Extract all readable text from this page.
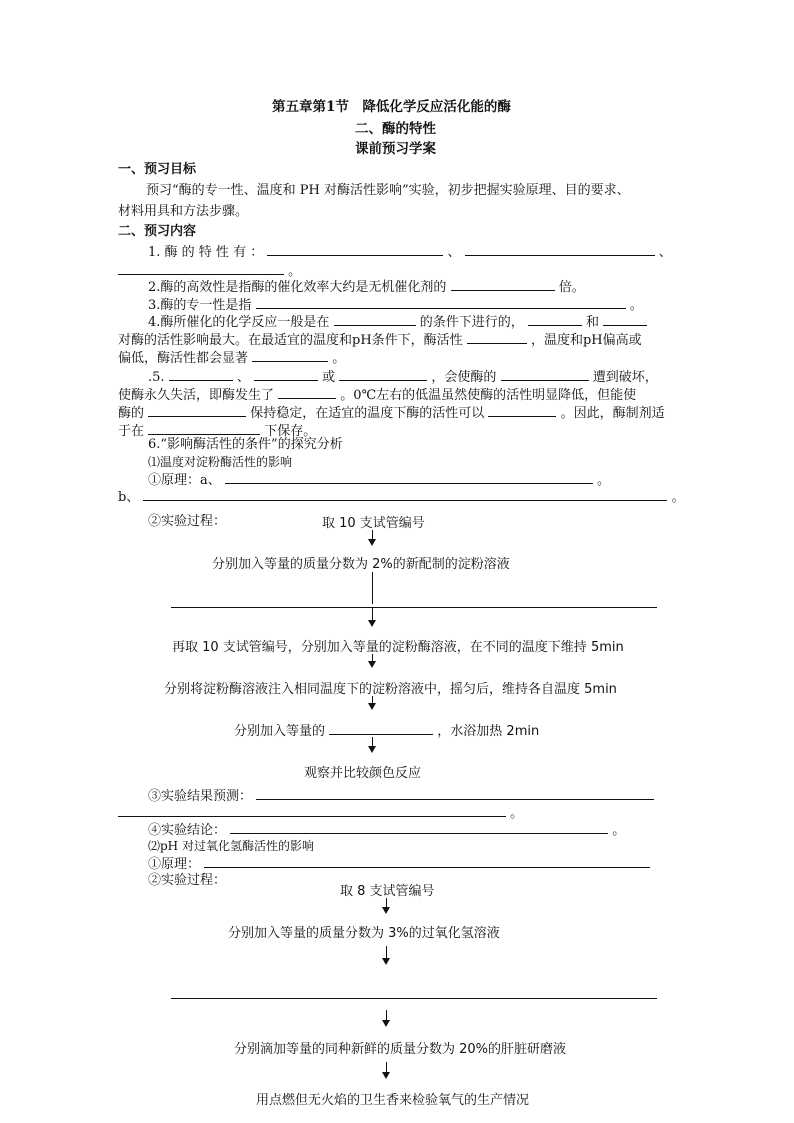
第五章第1节　降低化学反应活化能的酶
二、酶的特性
课前预习学案
一、预习目标
预习“酶的专一性、温度和 PH 对酶活性影响”实验，初步把握实验原理、目的要求、
材料用具和方法步骤。
二、预习内容
1. 酶 的 特 性 有 ：	、	、
。
2.酶的高效性是指酶的催化效率大约是无机催化剂的	倍。
3.酶的专一性是指	。
4.酶所催化的化学反应一般是在	的条件下进行的，	和
对酶的活性影响最大。在最适宜的温度和pH条件下，酶活性	，温度和pH偏高或
偏低，酶活性都会显著	。
.5.	、	或	，会使酶的	遭到破坏，
使酶永久失活，即酶发生了	。0℃左右的低温虽然使酶的活性明显降低，但能使
酶的	保持稳定，在适宜的温度下酶的活性可以	。因此，酶制剂适
于在	下保存。
6.“影响酶活性的条件”的探究分析
⑴温度对淀粉酶活性的影响
①原理：a、	。
b、	。
②实验过程：	取 10 支试管编号
分别加入等量的质量分数为 2%的新配制的淀粉溶液
再取 10 支试管编号，分别加入等量的淀粉酶溶液，在不同的温度下维持 5min
分别将淀粉酶溶液注入相同温度下的淀粉溶液中，摇匀后，维持各自温度 5min
分别加入等量的	，水浴加热 2min
观察并比较颜色反应
③实验结果预测：
。
④实验结论：	。
⑵pH 对过氧化氢酶活性的影响
①原理：
②实验过程：
取 8 支试管编号
分别加入等量的质量分数为 3%的过氧化氢溶液
分别滴加等量的同种新鲜的质量分数为 20%的肝脏研磨液
用点燃但无火焰的卫生香来检验氧气的生产情况
